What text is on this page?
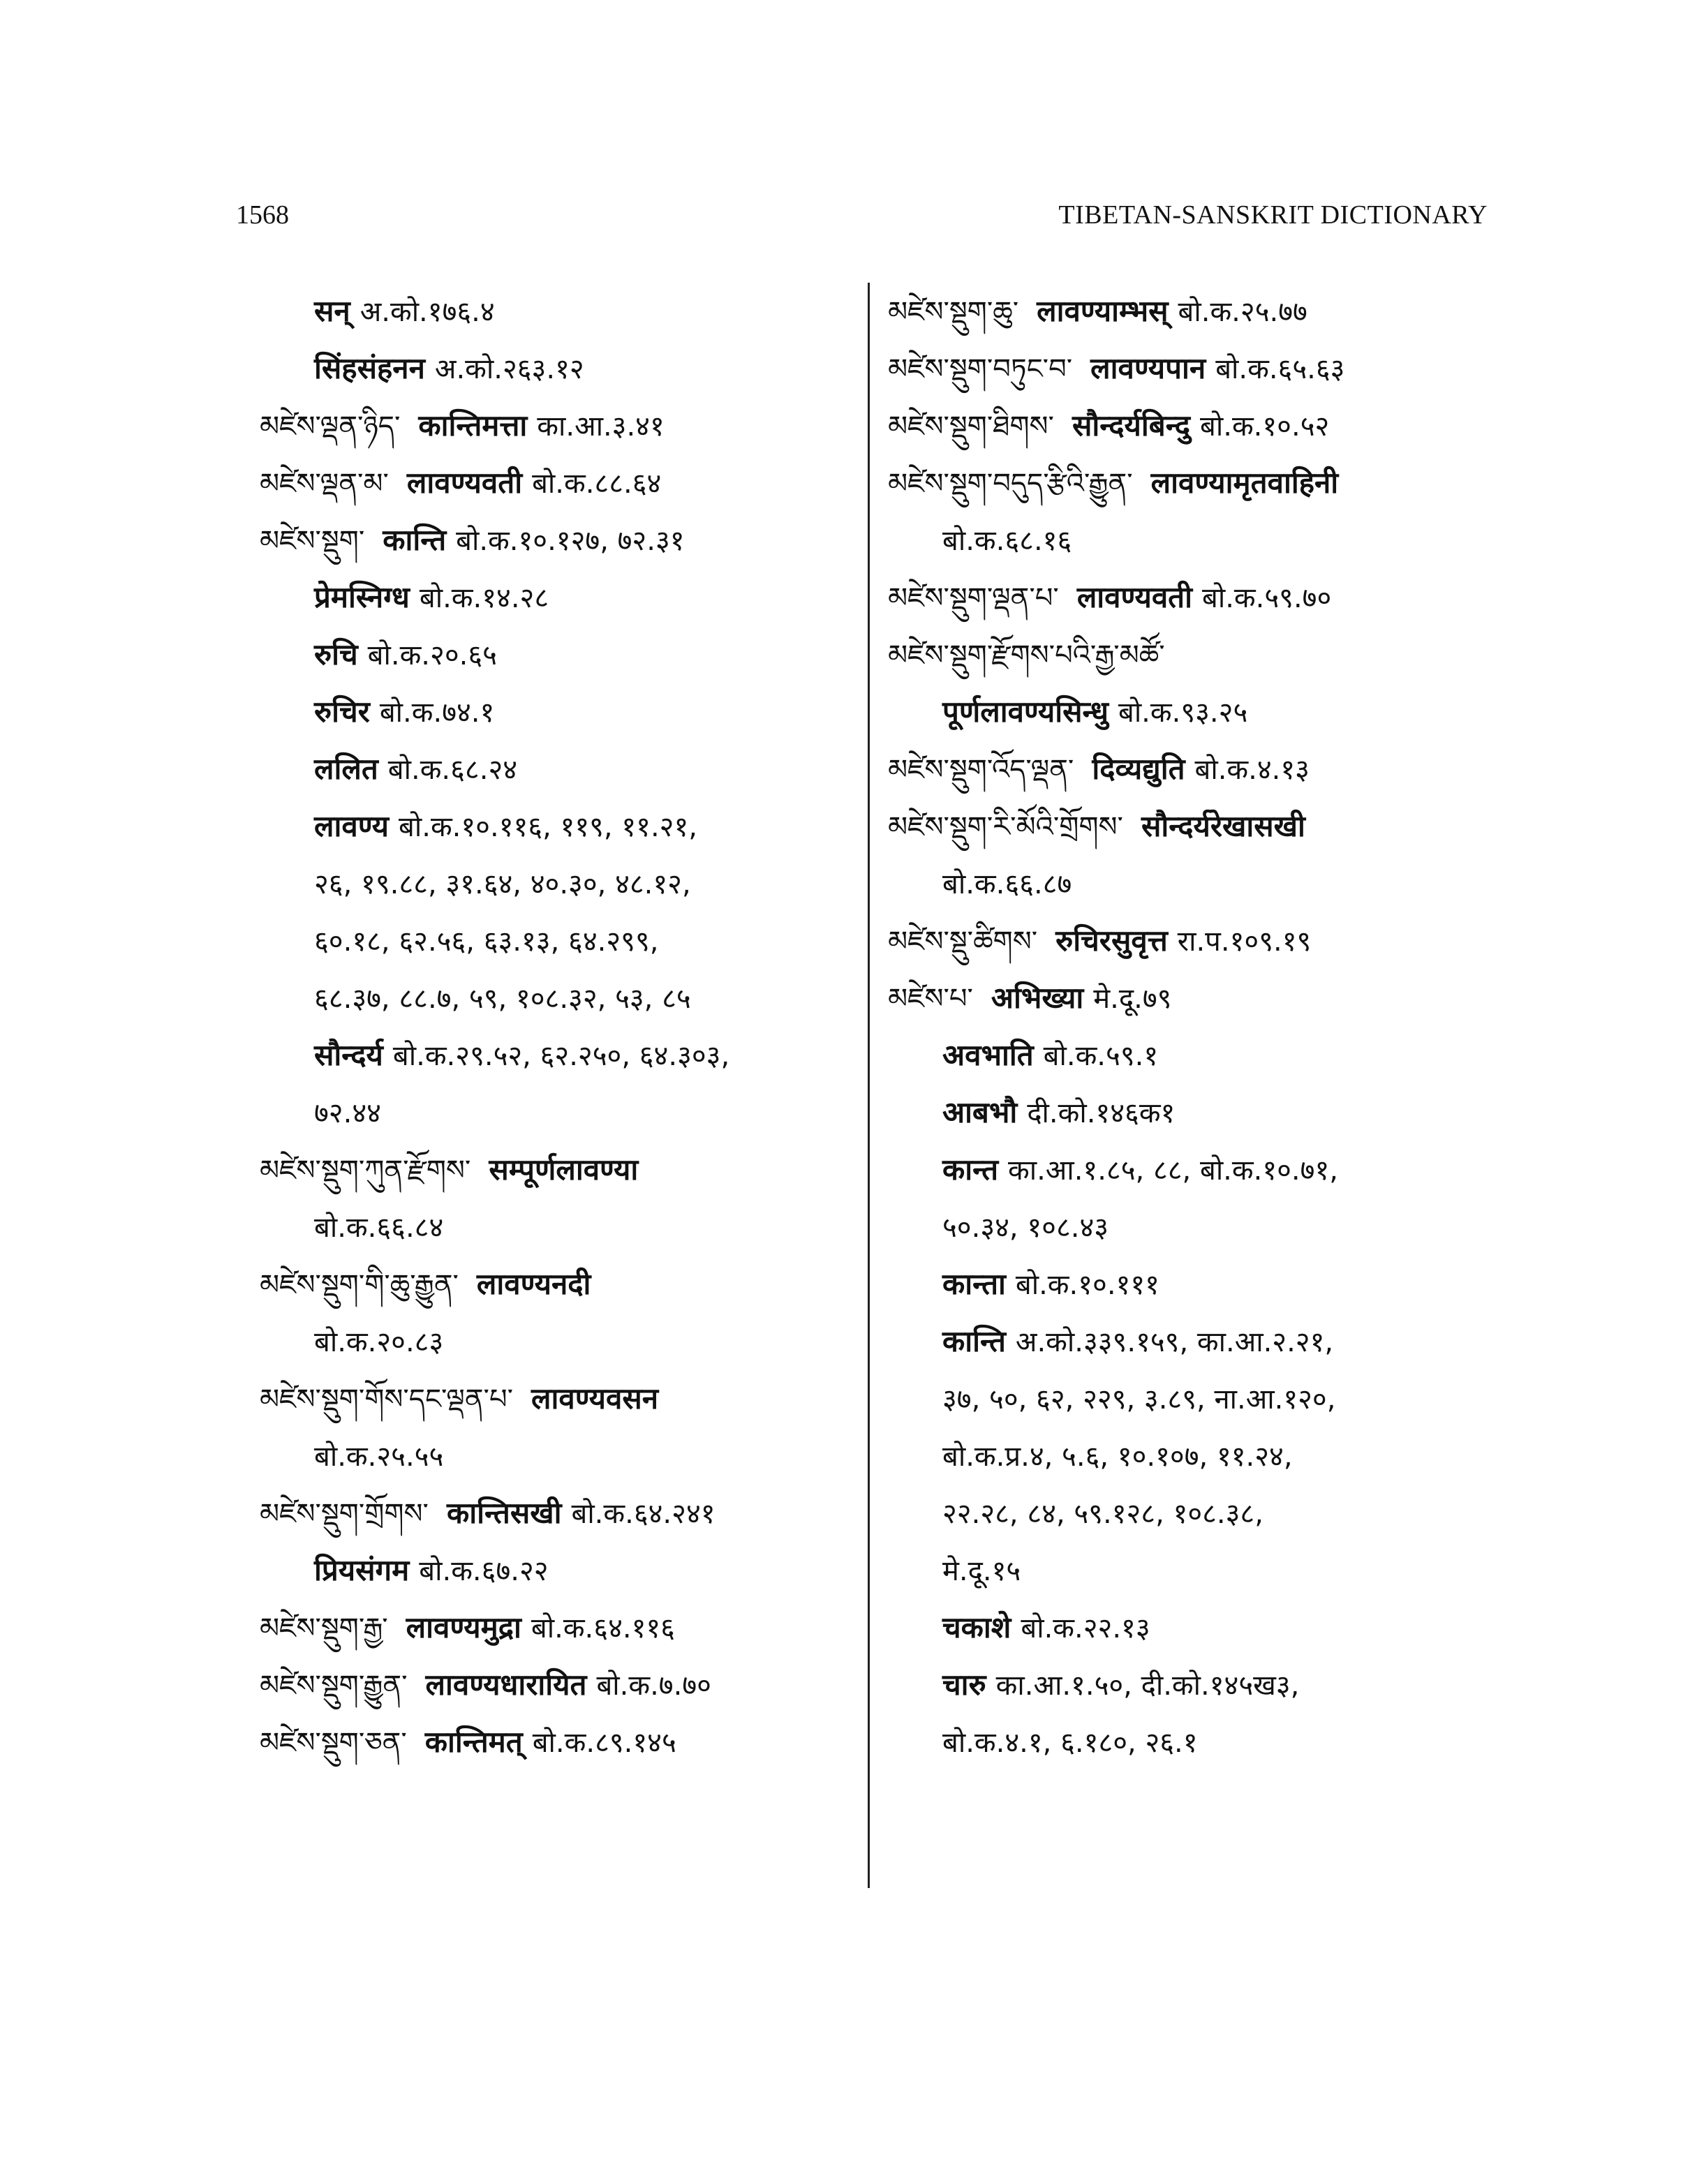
1568	TIBETAN-SANSKRIT DICTIONARY
सन् अ.को.१७६.४
सिंहसंहनन अ.को.२६३.१२
མཛེས་ལྡན་ཉིད་ कान्तिमत्ता का.आ.३.४१
མཛེས་ལྡན་མ་ लावण्यवती बो.क.८८.६४
མཛེས་སྡུག་ कान्ति बो.क.१०.१२७, ७२.३१
प्रेमस्निग्ध बो.क.१४.२८
रुचि बो.क.२०.६५
रुचिर बो.क.७४.१
ललित बो.क.६८.२४
लावण्य बो.क.१०.११६, ११९, ११.२१,
२६, १९.८८, ३१.६४, ४०.३०, ४८.१२,
६०.१८, ६२.५६, ६३.१३, ६४.२९९,
६८.३७, ८८.७, ५९, १०८.३२, ५३, ८५
सौन्दर्य बो.क.२९.५२, ६२.२५०, ६४.३०३,
७२.४४
མཛེས་སྡུག་ཀུན་རྫོགས་ सम्पूर्णलावण्या
बो.क.६६.८४
མཛེས་སྡུག་གི་ཆུ་རྒྱུན་ लावण्यनदी
बो.क.२०.८३
མཛེས་སྡུག་གོས་དང་ལྡན་པ་ लावण्यवसन
बो.क.२५.५५
མཛེས་སྡུག་གྲོགས་ कान्तिसखी बो.क.६४.२४१
प्रियसंगम बो.क.६७.२२
མཛེས་སྡུག་རྒྱ་ लावण्यमुद्रा बो.क.६४.११६
མཛེས་སྡུག་རྒྱུན་ लावण्यधारायित बो.क.७.७०
མཛེས་སྡུག་ཅན་ कान्तिमत् बो.क.८९.१४५
མཛེས་སྡུག་ཆུ་ लावण्याम्भस् बो.क.२५.७७
མཛེས་སྡུག་བཏུང་བ་ लावण्यपान बो.क.६५.६३
མཛེས་སྡུག་ཐིགས་ सौन्दर्यबिन्दु बो.क.१०.५२
མཛེས་སྡུག་བདུད་རྩིའི་རྒྱུན་ लावण्यामृतवाहिनी
बो.क.६८.१६
མཛེས་སྡུག་ལྡན་པ་ लावण्यवती बो.क.५९.७०
མཛེས་སྡུག་རྫོགས་པའི་རྒྱ་མཚོ་
पूर्णलावण्यसिन्धु बो.क.९३.२५
མཛེས་སྡུག་འོད་ལྡན་ दिव्यद्युति बो.क.४.१३
མཛེས་སྡུག་རི་མོའི་གྲོགས་ सौन्दर्यरेखासखी
बो.क.६६.८७
མཛེས་སྡུ་ཚིགས་ रुचिरसुवृत्त रा.प.१०९.१९
མཛེས་པ་ अभिख्या मे.दू.७९
अवभाति बो.क.५९.१
आबभौ दी.को.१४६क१
कान्त का.आ.१.८५, ८८, बो.क.१०.७१,
५०.३४, १०८.४३
कान्ता बो.क.१०.१११
कान्ति अ.को.३३९.१५९, का.आ.२.२१,
३७, ५०, ६२, २२९, ३.८९, ना.आ.१२०,
बो.क.प्र.४, ५.६, १०.१०७, ११.२४,
२२.२८, ८४, ५९.१२८, १०८.३८,
मे.दू.१५
चकाशे बो.क.२२.१३
चारु का.आ.१.५०, दी.को.१४५ख३,
बो.क.४.१, ६.१८०, २६.१
